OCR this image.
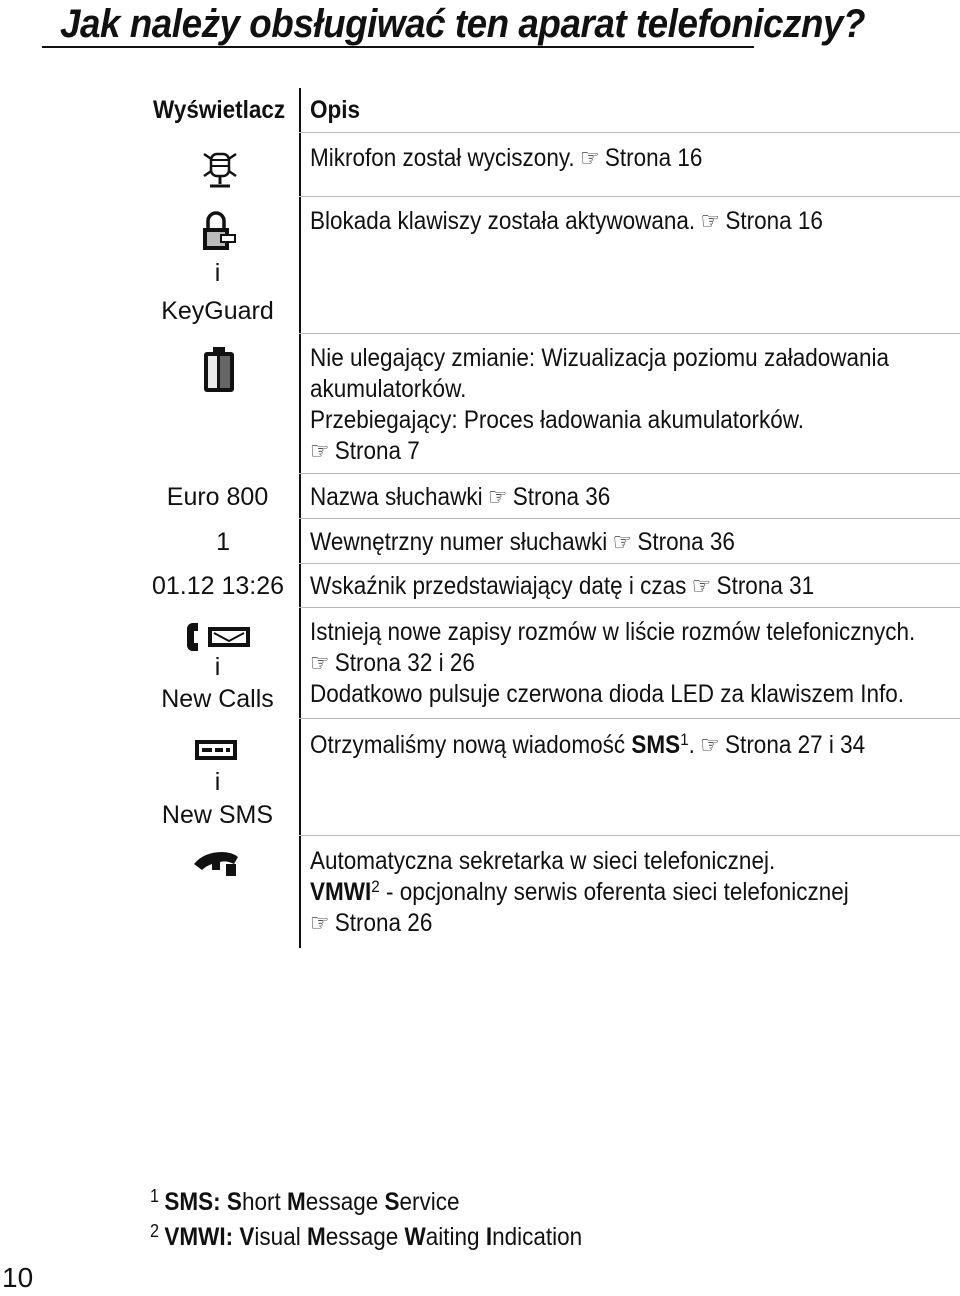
Jak należy obsługiwać ten aparat telefoniczny?
Wyświetlacz Opis
Mikrofon został wyciszony. ☞ Strona 16
i
KeyGuard
Blokada klawiszy została aktywowana. ☞ Strona 16
Nie ulegający zmianie: Wizualizacja poziomu załadowania
akumulatorków.
Przebiegający: Proces ładowania akumulatorków.
☞ Strona 7
Euro 800	Nazwa słuchawki ☞ Strona 36
1	Wewnętrzny numer słuchawki ☞ Strona 36
01.12 13:26 Wskaźnik przedstawiający datę i czas ☞ Strona 31
i
New Calls
Istnieją nowe zapisy rozmów w liście rozmów telefonicznych.
☞ Strona 32 i 26
Dodatkowo pulsuje czerwona dioda LED za klawiszem Info.
i
New SMS
Otrzymaliśmy nową wiadomość SMS$^1$. ☞ Strona 27 i 34
Automatyczna sekretarka w sieci telefonicznej.
VMWI$^2$ - opcjonalny serwis oferenta sieci telefonicznej
☞ Strona 26
$^1$ SMS: Short Message Service
$^2$ VMWI: Visual Message Waiting Indication
10
